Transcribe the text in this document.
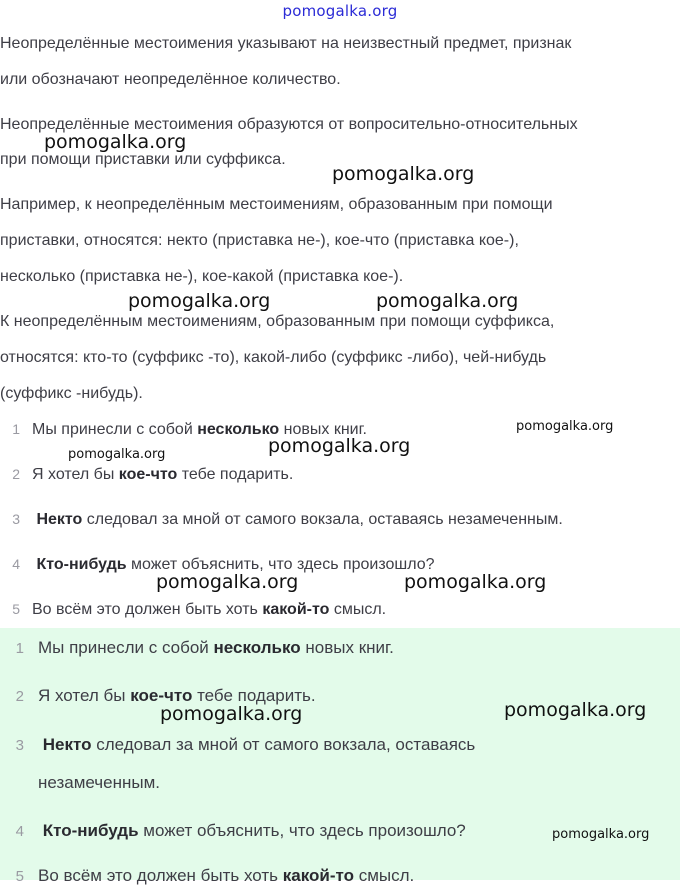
pomogalka.org

Неопределённые местоимения указывают на неизвестный предмет, признак

или обозначают неопределённое количество.

Неопределённые местоимения образуются от вопросительно-относительных

при помощи приставки или суффикса.

Например, к неопределённым местоимениям, образованным при помощи

приставки, относятся: некто (приставка не-), кое-что (приставка кое-),

несколько (приставка не-), кое-какой (приставка кое-).

К неопределённым местоимениям, образованным при помощи суффикса,

относятся: кто-то (суффикс -то), какой-либо (суффикс -либо), чей-нибудь

(суффикс -нибудь).

1 Мы принесли с собой несколько новых книг.
2 Я хотел бы кое-что тебе подарить.
3 Некто следовал за мной от самого вокзала, оставаясь незамеченным.
4 Кто-нибудь может объяснить, что здесь произошло?
5 Во всём это должен быть хоть какой-то смысл.
1 Мы принесли с собой несколько новых книг.
2 Я хотел бы кое-что тебе подарить.
3 Некто следовал за мной от самого вокзала, оставаясь
незамеченным.
4 Кто-нибудь может объяснить, что здесь произошло?
5 Во всём это должен быть хоть какой-то смысл.
pomogalka.org
pomogalka.org
pomogalka.org	pomogalka.org
pomogalka.org
pomogalka.org
pomogalka.org
pomogalka.org	pomogalka.org
pomogalka.org	pomogalka.org
pomogalka.org
